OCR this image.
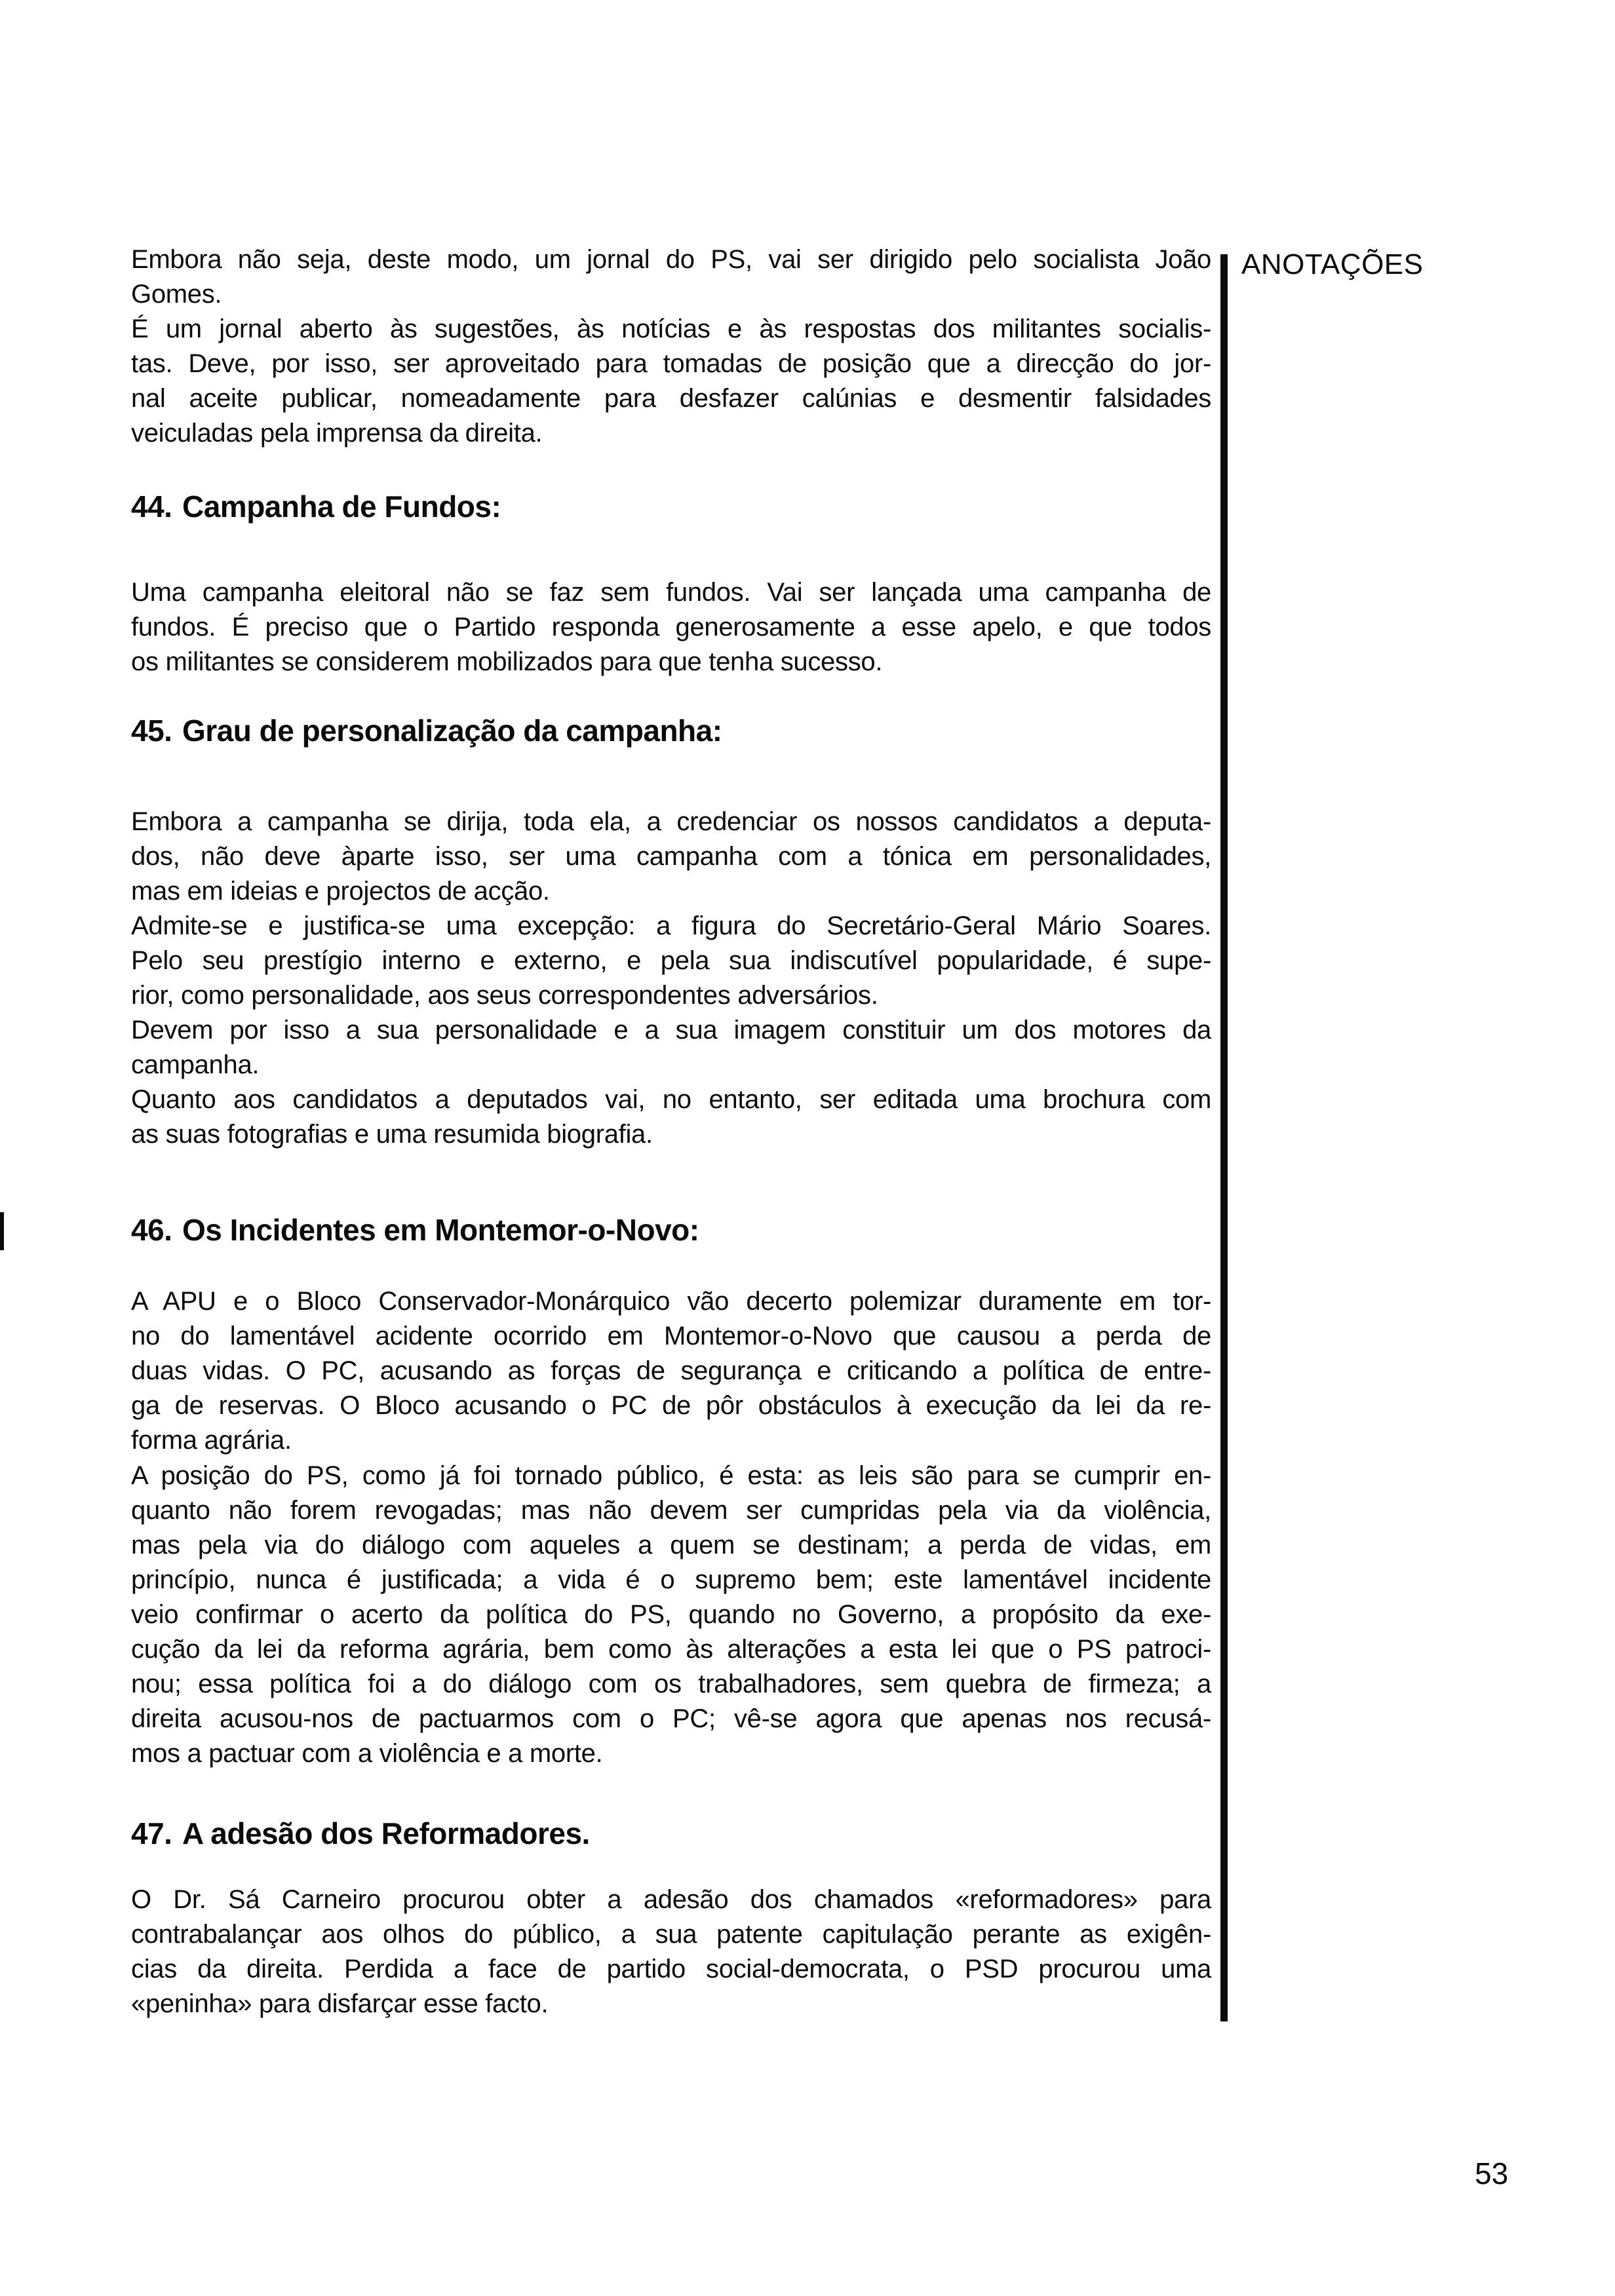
ANOTAÇÕES
Embora não seja, deste modo, um jornal do PS, vai ser dirigido pelo socialista João
Gomes.
É um jornal aberto às sugestões, às notícias e às respostas dos militantes socialis-
tas. Deve, por isso, ser aproveitado para tomadas de posição que a direcção do jor-
nal aceite publicar, nomeadamente para desfazer calúnias e desmentir falsidades
veiculadas pela imprensa da direita.
44. Campanha de Fundos:
Uma campanha eleitoral não se faz sem fundos. Vai ser lançada uma campanha de
fundos. É preciso que o Partido responda generosamente a esse apelo, e que todos
os militantes se considerem mobilizados para que tenha sucesso.
45. Grau de personalização da campanha:
Embora a campanha se dirija, toda ela, a credenciar os nossos candidatos a deputa-
dos, não deve àparte isso, ser uma campanha com a tónica em personalidades,
mas em ideias e projectos de acção.
Admite-se e justifica-se uma excepção: a figura do Secretário-Geral Mário Soares.
Pelo seu prestígio interno e externo, e pela sua indiscutível popularidade, é supe-
rior, como personalidade, aos seus correspondentes adversários.
Devem por isso a sua personalidade e a sua imagem constituir um dos motores da
campanha.
Quanto aos candidatos a deputados vai, no entanto, ser editada uma brochura com
as suas fotografias e uma resumida biografia.
46. Os Incidentes em Montemor-o-Novo:
A APU e o Bloco Conservador-Monárquico vão decerto polemizar duramente em tor-
no do lamentável acidente ocorrido em Montemor-o-Novo que causou a perda de
duas vidas. O PC, acusando as forças de segurança e criticando a política de entre-
ga de reservas. O Bloco acusando o PC de pôr obstáculos à execução da lei da re-
forma agrária.
A posição do PS, como já foi tornado público, é esta: as leis são para se cumprir en-
quanto não forem revogadas; mas não devem ser cumpridas pela via da violência,
mas pela via do diálogo com aqueles a quem se destinam; a perda de vidas, em
princípio, nunca é justificada; a vida é o supremo bem; este lamentável incidente
veio confirmar o acerto da política do PS, quando no Governo, a propósito da exe-
cução da lei da reforma agrária, bem como às alterações a esta lei que o PS patroci-
nou; essa política foi a do diálogo com os trabalhadores, sem quebra de firmeza; a
direita acusou-nos de pactuarmos com o PC; vê-se agora que apenas nos recusá-
mos a pactuar com a violência e a morte.
47. A adesão dos Reformadores.
O Dr. Sá Carneiro procurou obter a adesão dos chamados «reformadores» para
contrabalançar aos olhos do público, a sua patente capitulação perante as exigên-
cias da direita. Perdida a face de partido social-democrata, o PSD procurou uma
«peninha» para disfarçar esse facto.
53
